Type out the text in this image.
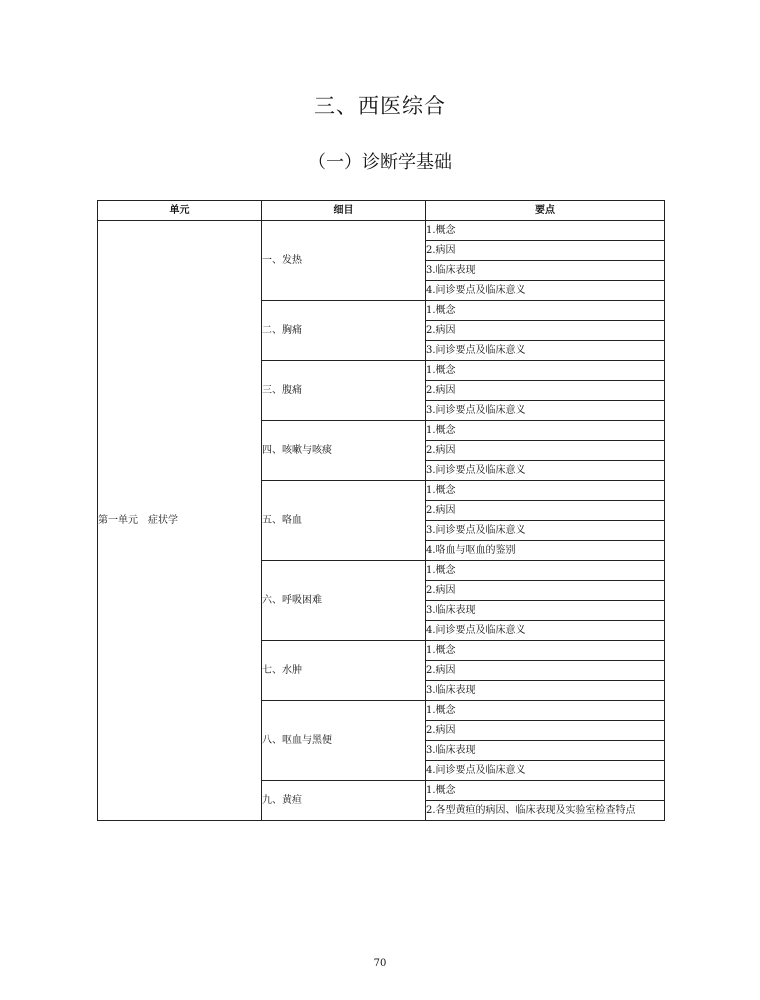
三、西医综合
（一）诊断学基础
单元	细目	要点
第一单元　症状学	一、发热	1.概念
		2.病因
		3.临床表现
		4.问诊要点及临床意义
	二、胸痛	1.概念
		2.病因
		3.问诊要点及临床意义
	三、腹痛	1.概念
		2.病因
		3.问诊要点及临床意义
	四、咳嗽与咳痰	1.概念
		2.病因
		3.问诊要点及临床意义
	五、咯血	1.概念
		2.病因
		3.问诊要点及临床意义
		4.咯血与呕血的鉴别
	六、呼吸困难	1.概念
		2.病因
		3.临床表现
		4.问诊要点及临床意义
	七、水肿	1.概念
		2.病因
		3.临床表现
	八、呕血与黑便	1.概念
		2.病因
		3.临床表现
		4.问诊要点及临床意义
	九、黄疸	1.概念
		2.各型黄疸的病因、临床表现及实验室检查特点
70
